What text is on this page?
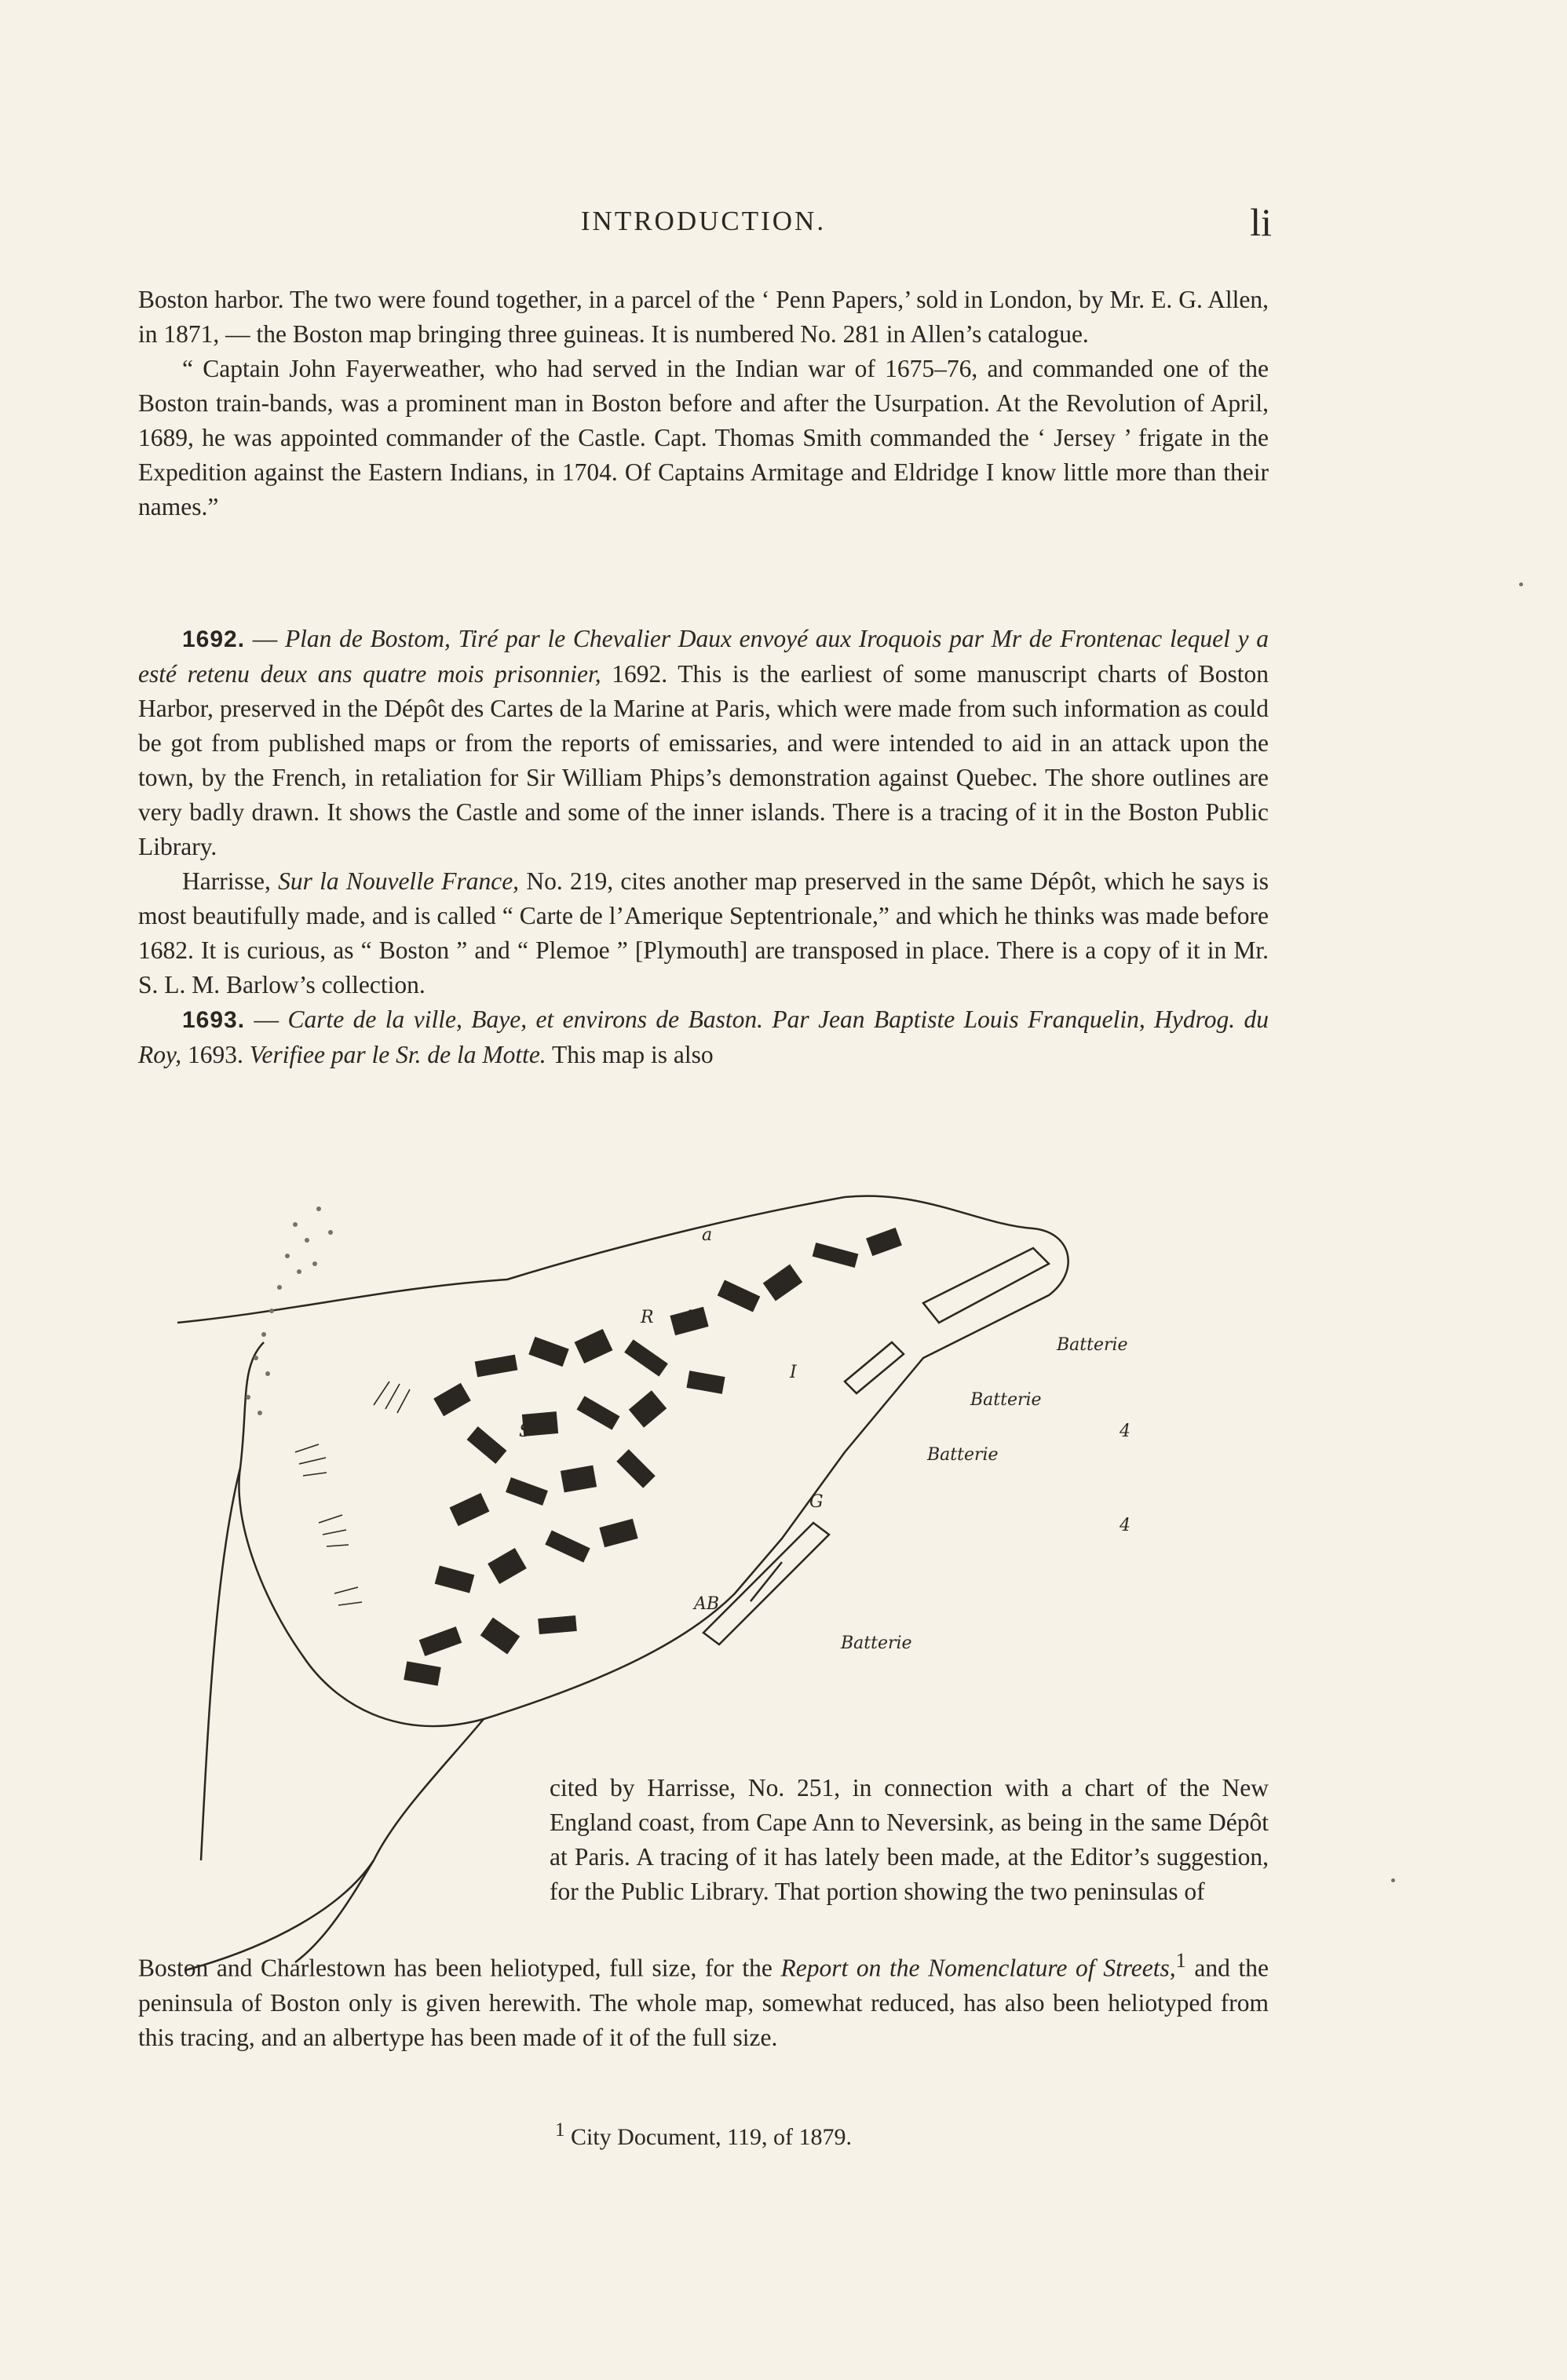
INTRODUCTION.	li

Boston harbor. The two were found together, in a parcel of the ‘ Penn Papers,’ sold in London, by Mr. E. G. Allen, in 1871, — the Boston map bringing three guineas. It is numbered No. 281 in Allen’s catalogue.

“ Captain John Fayerweather, who had served in the Indian war of 1675–76, and commanded one of the Boston train-bands, was a prominent man in Boston before and after the Usurpation. At the Revolution of April, 1689, he was appointed commander of the Castle. Capt. Thomas Smith commanded the ‘ Jersey ’ frigate in the Expedition against the Eastern Indians, in 1704. Of Captains Armitage and Eldridge I know little more than their names.”

1692. — Plan de Bostom, Tiré par le Chevalier Daux envoyé aux Iroquois par Mr de Frontenac lequel y a esté retenu deux ans quatre mois prisonnier, 1692. This is the earliest of some manuscript charts of Boston Harbor, preserved in the Dépôt des Cartes de la Marine at Paris, which were made from such information as could be got from published maps or from the reports of emissaries, and were intended to aid in an attack upon the town, by the French, in retaliation for Sir William Phips’s demonstration against Quebec. The shore outlines are very badly drawn. It shows the Castle and some of the inner islands. There is a tracing of it in the Boston Public Library.

Harrisse, Sur la Nouvelle France, No. 219, cites another map preserved in the same Dépôt, which he says is most beautifully made, and is called “ Carte de l’Amerique Septentrionale,” and which he thinks was made before 1682. It is curious, as “ Boston ” and “ Plemoe ” [Plymouth] are transposed in place. There is a copy of it in Mr. S. L. M. Barlow’s collection.

1693. — Carte de la ville, Baye, et environs de Baston. Par Jean Baptiste Louis Franquelin, Hydrog. du Roy, 1693. Verifiee par le Sr. de la Motte. This map is also

Batterie
Batterie
Batterie
Batterie
4
4
R T
S
a
G
I
AB

cited by Harrisse, No. 251, in connection with a chart of the New England coast, from Cape Ann to Neversink, as being in the same Dépôt at Paris. A tracing of it has lately been made, at the Editor’s suggestion, for the Public Library. That portion showing the two peninsulas of

Boston and Charlestown has been heliotyped, full size, for the Report on the Nomenclature of Streets,$^1$ and the peninsula of Boston only is given herewith. The whole map, somewhat reduced, has also been heliotyped from this tracing, and an albertype has been made of it of the full size.

$^1$ City Document, 119, of 1879.
